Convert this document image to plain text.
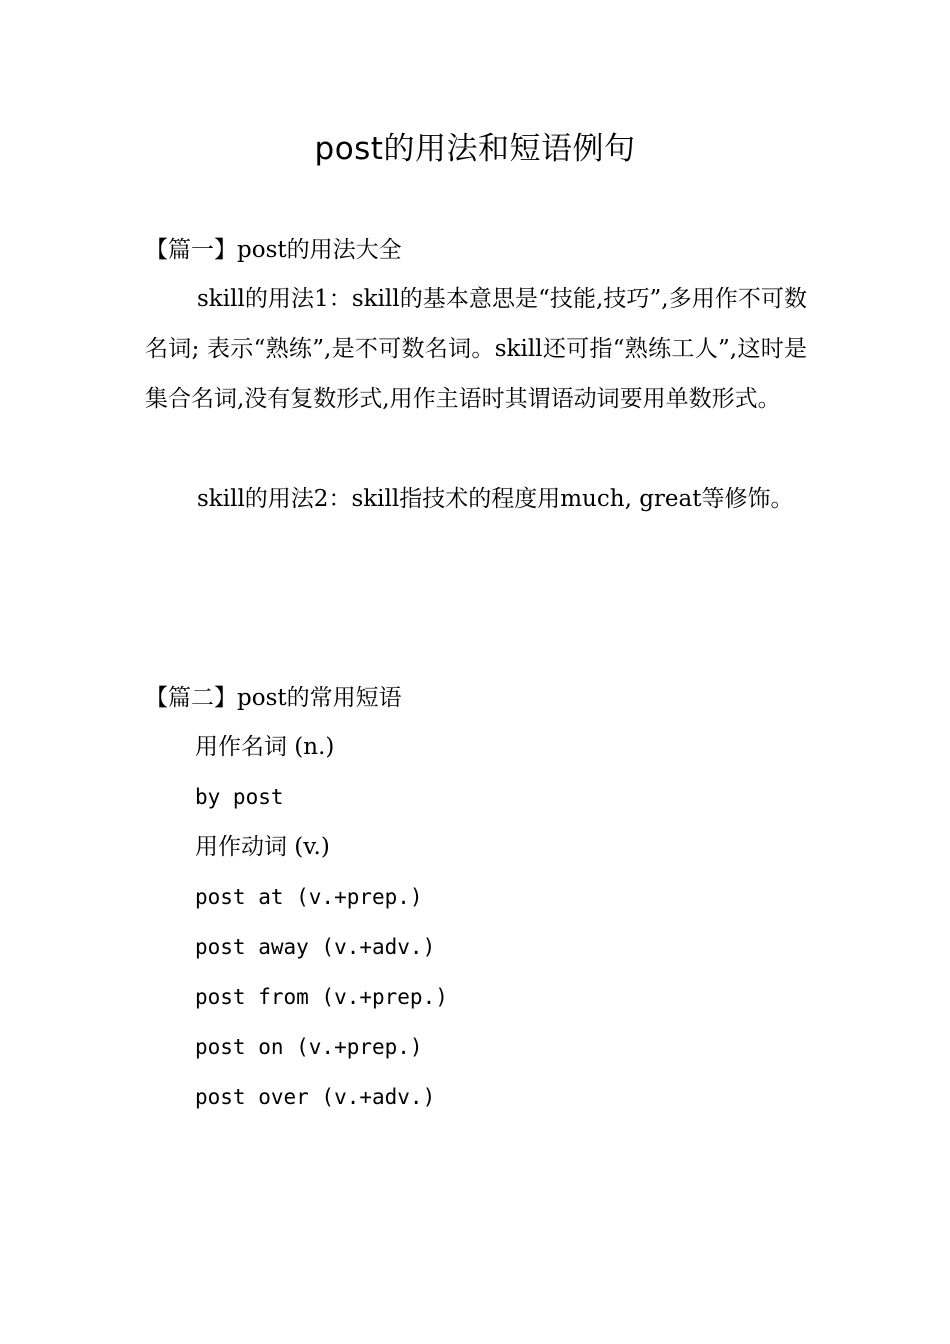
post的用法和短语例句
【篇一】post的用法大全
skill的用法1：skill的基本意思是“技能,技巧”,多用作不可数名词; 表示“熟练”,是不可数名词。skill还可指“熟练工人”,这时是集合名词,没有复数形式,用作主语时其谓语动词要用单数形式。
skill的用法2：skill指技术的程度用much, great等修饰。
【篇二】post的常用短语
用作名词 (n.)
by post
用作动词 (v.)
post at (v.+prep.)
post away (v.+adv.)
post from (v.+prep.)
post on (v.+prep.)
post over (v.+adv.)
